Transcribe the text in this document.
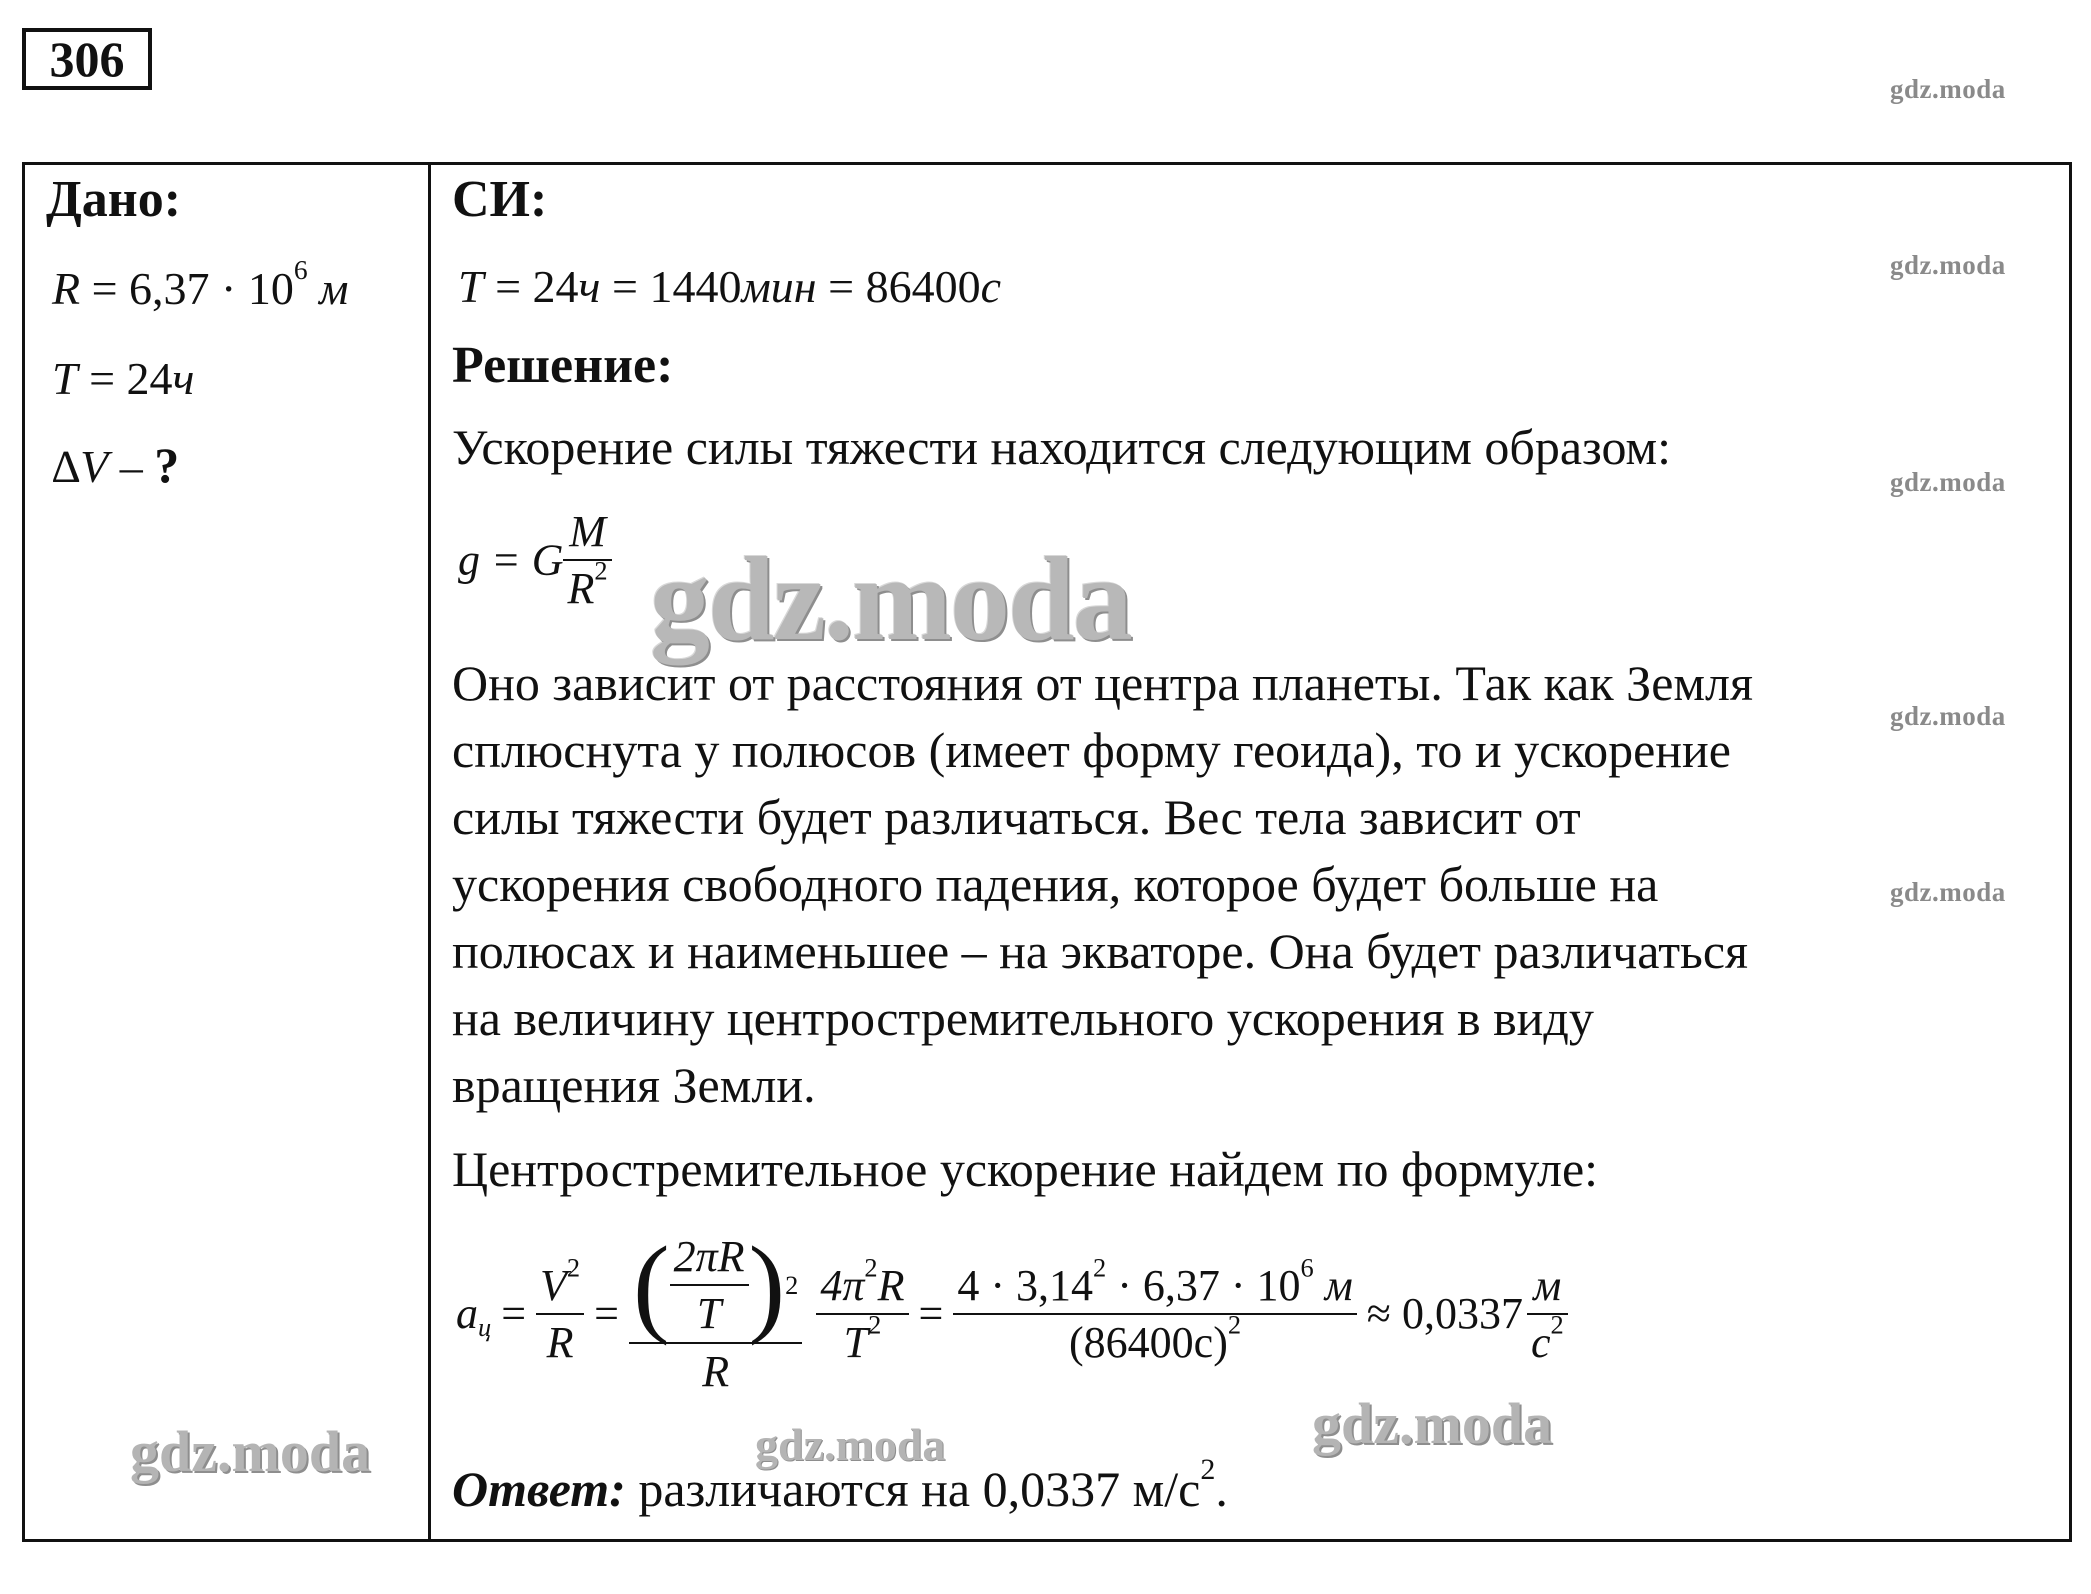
306
gdz.moda
gdz.moda
gdz.moda
gdz.moda
gdz.moda
Дано:
R = 6,37 · 10$^6$ м
T = 24ч
∆V – ?
СИ:
T = 24ч = 1440мин = 86400с
Решение:
Ускорение силы тяжести находится следующим образом:
g = G $\frac{M}{R^2}$ gdz.moda
Оно зависит от расстояния от центра планеты. Так как Земля
сплюснута у полюсов (имеет форму геоида), то и ускорение
силы тяжести будет различаться. Вес тела зависит от
ускорения свободного падения, которое будет больше на
полюсах и наименьшее – на экваторе. Она будет различаться
на величину центростремительного ускорения в виду
вращения Земли.
Центростремительное ускорение найдем по формуле:
$a_ц = \frac{V^2}{R} = \frac{( \frac{2\pi R}{T} ) 2}{R} \frac{4\pi^2R}{T^2} = \frac{4 \cdot 3,14^2 \cdot 6,37 \cdot 10^6 м}{(86400с)^2} \approx 0,0337 \frac{м}{с^2}$
gdz.moda	gdz.moda	gdz.moda
Ответ: различаются на 0,0337 $м/с^2$.
